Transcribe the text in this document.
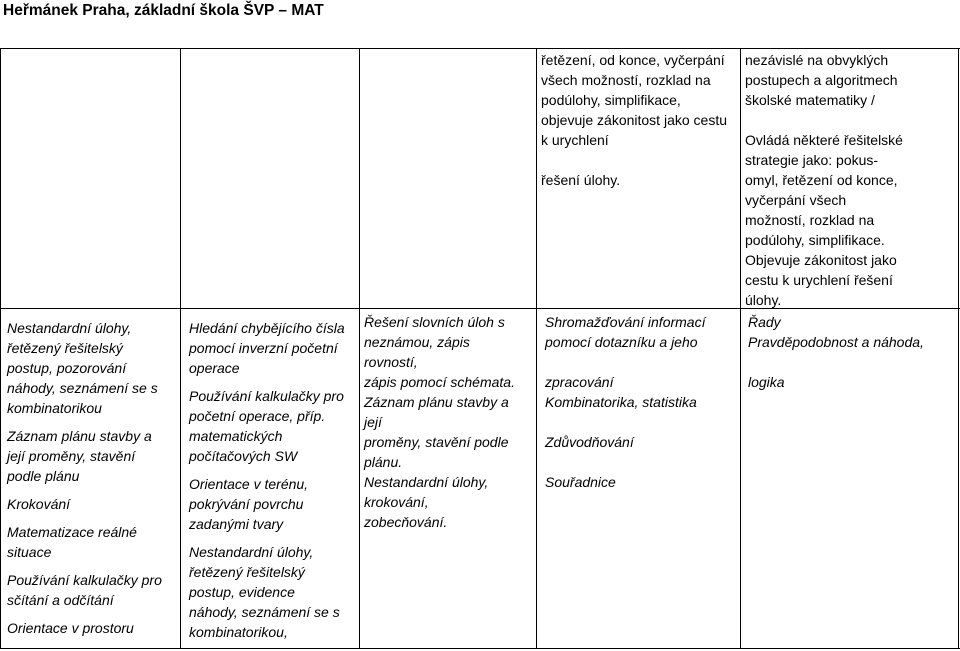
Heřmánek Praha, základní škola ŠVP – MAT

řetězení, od konce, vyčerpání

všech možností, rozklad na

podúlohy, simplifikace,

objevuje zákonitost jako cestu

k urychlení

řešení úlohy.

nezávislé na obvyklých

postupech a algoritmech

školské matematiky /

Ovládá některé řešitelské

strategie jako: pokus-

omyl, řetězení od konce,

vyčerpání všech

možností, rozklad na

podúlohy, simplifikace.

Objevuje zákonitost jako

cestu k urychlení řešení

úlohy.

Nestandardní úlohy,

řetězený řešitelský

postup, pozorování

náhody, seznámení se s

kombinatorikou

Záznam plánu stavby a

její proměny, stavění

podle plánu

Krokování

Matematizace reálné

situace

Používání kalkulačky pro

sčítání a odčítání

Orientace v prostoru

Hledání chybějícího čísla

pomocí inverzní početní

operace

Používání kalkulačky pro

početní operace, příp.

matematických

počítačových SW

Orientace v terénu,

pokrývání povrchu

zadanými tvary

Nestandardní úlohy,

řetězený řešitelský

postup, evidence

náhody, seznámení se s

kombinatorikou,

Řešení slovních úloh s

neznámou, zápis

rovností,

zápis pomocí schémata.

Záznam plánu stavby a

její

proměny, stavění podle

plánu.

Nestandardní úlohy,

krokování,

zobecňování.

Shromažďování informací

pomocí dotazníku a jeho

zpracování

Kombinatorika, statistika

Zdůvodňování

Souřadnice

Řady

Pravděpodobnost a náhoda,

logika
